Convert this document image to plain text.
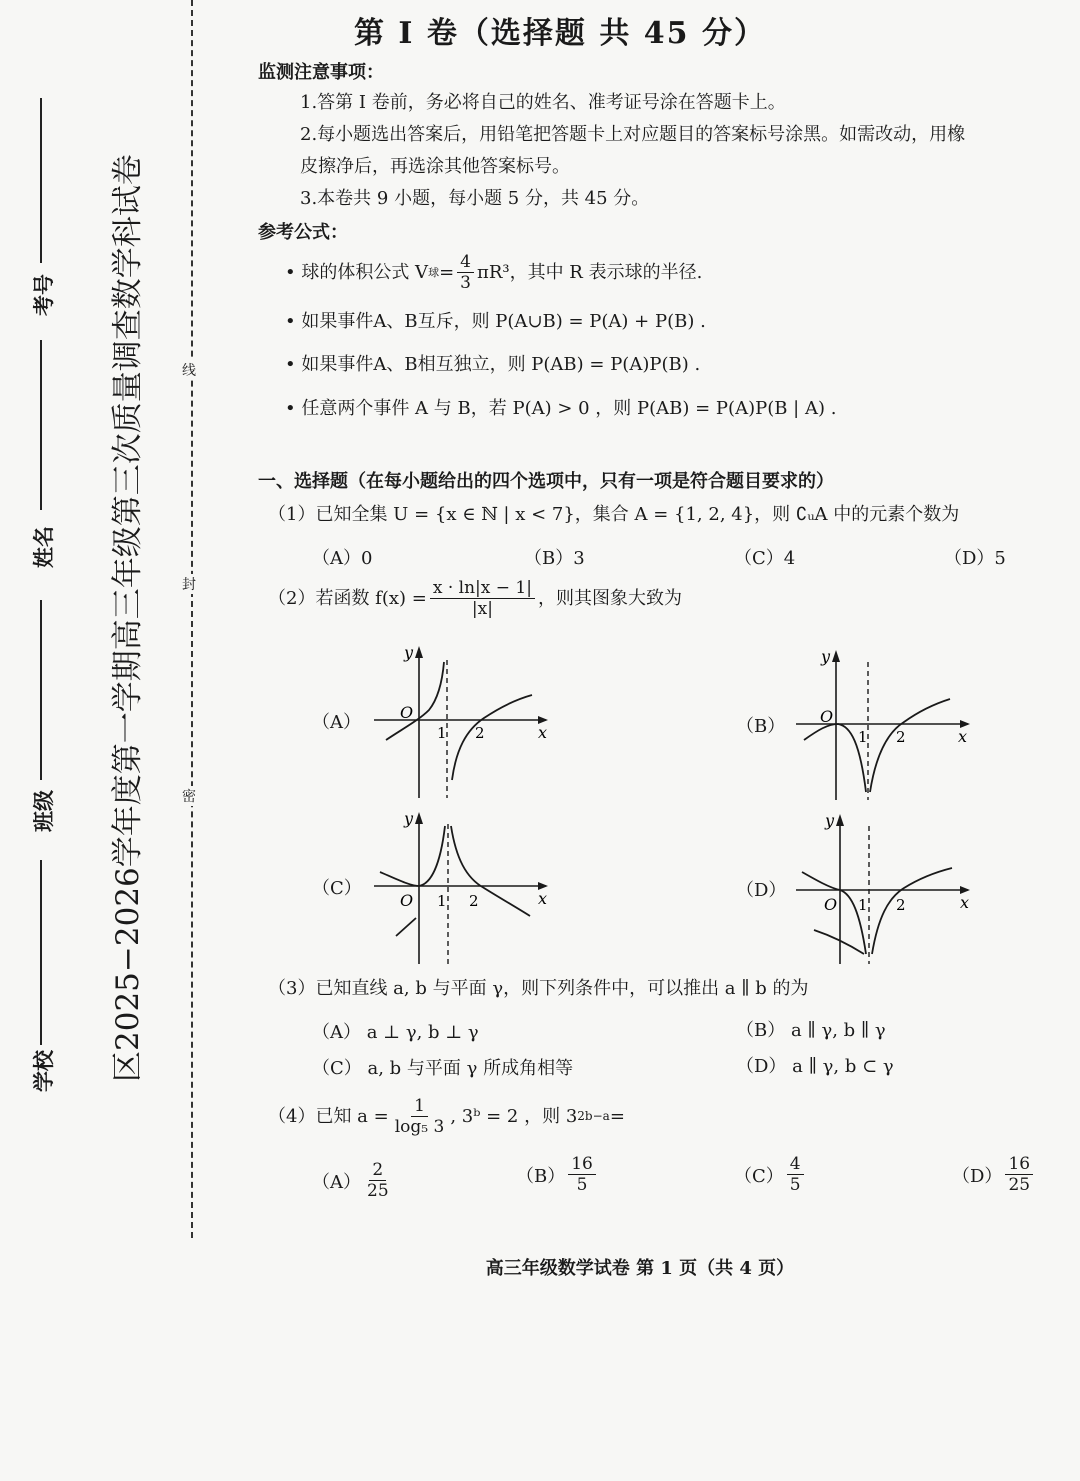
学校
班级
姓名
考号 区2025−2026学年度第一学期高三年级第三次质量调查数学科试卷	密
封
线
第 I 卷（选择题 共 45 分）
监测注意事项：
1.答第 I 卷前，务必将自己的姓名、准考证号涂在答题卡上。
2.每小题选出答案后，用铅笔把答题卡上对应题目的答案标号涂黑。如需改动，用橡
皮擦净后，再选涂其他答案标号。
3.本卷共 9 小题，每小题 5 分，共 45 分。
参考公式：
• 球的体积公式 V 球 = $\frac{4}{3} \pi R^3$，其中 R 表示球的半径.
• 如果事件A、B互斥，则 P(A∪B) = P(A) + P(B) .
• 如果事件A、B相互独立，则 P(AB) = P(A)P(B) .
• 任意两个事件 A 与 B，若 P(A) > 0 ，则 P(AB) = P(A)P(B | A) .
一、选择题（在每小题给出的四个选项中，只有一项是符合题目要求的）
（1）已知全集 U = {x ∈ ℕ | x < 7}，集合 A = {1, 2, 4}，则 ∁ᵤA 中的元素个数为
（A）0	（B）3	（C）4	（D）5
（2）若函数 $f(x) = \frac{x \cdot \ln|x - 1|}{|x|}$ ，则其图象大致为
（A）	（B）
（C）	（D）
y
O
1 2	x
y
O
1 2	x
y
O 1 2	x
y
O 1 2	x
（3）已知直线 a, b 与平面 γ，则下列条件中，可以推出 a ∥ b 的为
（A） a ⊥ γ, b ⊥ γ	（B） a ∥ γ, b ∥ γ
（C） a, b 与平面 γ 所成角相等	（D） a ∥ γ, b ⊂ γ
（4）已知 $a = \frac{1}{\text{log₅ 3}}$ , 3ᵇ = 2 ，则 3 2b−a =
$(A) \frac{2}{25}$	$(B) \frac{16}{5}$	$(C) \frac{4}{5}$	$(D) \frac{16}{25}$
高三年级数学试卷 第 1 页（共 4 页）
